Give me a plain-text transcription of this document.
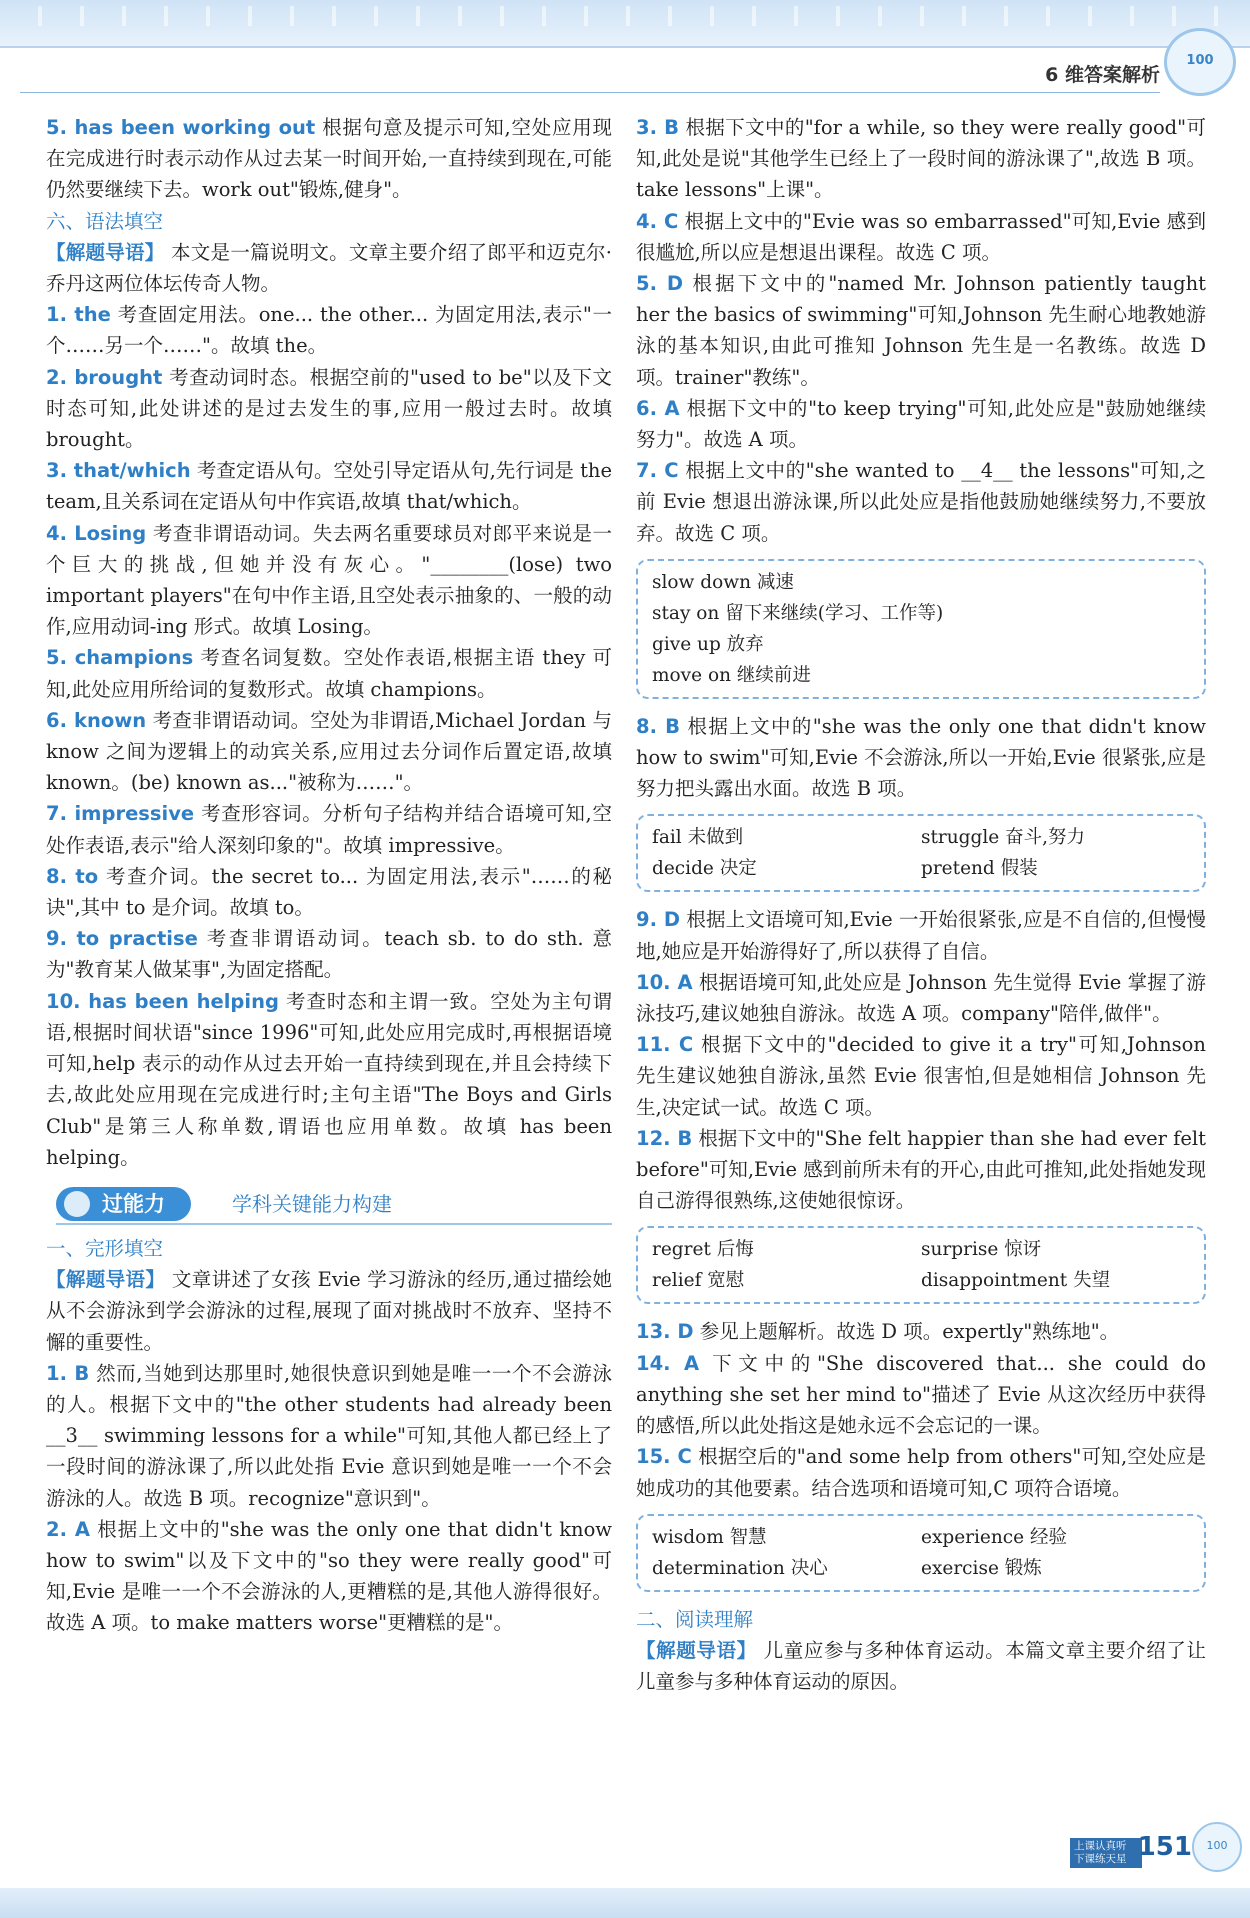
100
6 维答案解析

5. has been working out 根据句意及提示可知,空处应用现在完成进行时表示动作从过去某一时间开始,一直持续到现在,可能仍然要继续下去。work out"锻炼,健身"。

六、语法填空

【解题导语】 本文是一篇说明文。文章主要介绍了郎平和迈克尔·乔丹这两位体坛传奇人物。

1. the 考查固定用法。one... the other... 为固定用法,表示"一个……另一个……"。故填 the。

2. brought 考查动词时态。根据空前的"used to be"以及下文时态可知,此处讲述的是过去发生的事,应用一般过去时。故填 brought。

3. that/which 考查定语从句。空处引导定语从句,先行词是 the team,且关系词在定语从句中作宾语,故填 that/which。

4. Losing 考查非谓语动词。失去两名重要球员对郎平来说是一个巨大的挑战,但她并没有灰心。"________(lose) two important players"在句中作主语,且空处表示抽象的、一般的动作,应用动词-ing 形式。故填 Losing。

5. champions 考查名词复数。空处作表语,根据主语 they 可知,此处应用所给词的复数形式。故填 champions。

6. known 考查非谓语动词。空处为非谓语,Michael Jordan 与 know 之间为逻辑上的动宾关系,应用过去分词作后置定语,故填 known。(be) known as..."被称为……"。

7. impressive 考查形容词。分析句子结构并结合语境可知,空处作表语,表示"给人深刻印象的"。故填 impressive。

8. to 考查介词。the secret to... 为固定用法,表示"……的秘诀",其中 to 是介词。故填 to。

9. to practise 考查非谓语动词。teach sb. to do sth. 意为"教育某人做某事",为固定搭配。

10. has been helping 考查时态和主谓一致。空处为主句谓语,根据时间状语"since 1996"可知,此处应用完成时,再根据语境可知,help 表示的动作从过去开始一直持续到现在,并且会持续下去,故此处应用现在完成进行时;主句主语"The Boys and Girls Club"是第三人称单数,谓语也应用单数。故填 has been helping。

过能力	学科关键能力构建

一、完形填空

【解题导语】 文章讲述了女孩 Evie 学习游泳的经历,通过描绘她从不会游泳到学会游泳的过程,展现了面对挑战时不放弃、坚持不懈的重要性。

1. B 然而,当她到达那里时,她很快意识到她是唯一一个不会游泳的人。根据下文中的"the other students had already been __3__ swimming lessons for a while"可知,其他人都已经上了一段时间的游泳课了,所以此处指 Evie 意识到她是唯一一个不会游泳的人。故选 B 项。recognize"意识到"。

2. A 根据上文中的"she was the only one that didn't know how to swim"以及下文中的"so they were really good"可知,Evie 是唯一一个不会游泳的人,更糟糕的是,其他人游得很好。故选 A 项。to make matters worse"更糟糕的是"。

3. B 根据下文中的"for a while, so they were really good"可知,此处是说"其他学生已经上了一段时间的游泳课了",故选 B 项。take lessons"上课"。

4. C 根据上文中的"Evie was so embarrassed"可知,Evie 感到很尴尬,所以应是想退出课程。故选 C 项。

5. D 根据下文中的"named Mr. Johnson patiently taught her the basics of swimming"可知,Johnson 先生耐心地教她游泳的基本知识,由此可推知 Johnson 先生是一名教练。故选 D 项。trainer"教练"。

6. A 根据下文中的"to keep trying"可知,此处应是"鼓励她继续努力"。故选 A 项。

7. C 根据上文中的"she wanted to __4__ the lessons"可知,之前 Evie 想退出游泳课,所以此处应是指他鼓励她继续努力,不要放弃。故选 C 项。

slow down 减速
stay on 留下来继续(学习、工作等)
give up 放弃
move on 继续前进

8. B 根据上文中的"she was the only one that didn't know how to swim"可知,Evie 不会游泳,所以一开始,Evie 很紧张,应是努力把头露出水面。故选 B 项。

fail 未做到	struggle 奋斗,努力
decide 决定	pretend 假装

9. D 根据上文语境可知,Evie 一开始很紧张,应是不自信的,但慢慢地,她应是开始游得好了,所以获得了自信。

10. A 根据语境可知,此处应是 Johnson 先生觉得 Evie 掌握了游泳技巧,建议她独自游泳。故选 A 项。company"陪伴,做伴"。

11. C 根据下文中的"decided to give it a try"可知,Johnson 先生建议她独自游泳,虽然 Evie 很害怕,但是她相信 Johnson 先生,决定试一试。故选 C 项。

12. B 根据下文中的"She felt happier than she had ever felt before"可知,Evie 感到前所未有的开心,由此可推知,此处指她发现自己游得很熟练,这使她很惊讶。

regret 后悔	surprise 惊讶
relief 宽慰	disappointment 失望

13. D 参见上题解析。故选 D 项。expertly"熟练地"。

14. A 下文中的"She discovered that... she could do anything she set her mind to"描述了 Evie 从这次经历中获得的感悟,所以此处指这是她永远不会忘记的一课。

15. C 根据空后的"and some help from others"可知,空处应是她成功的其他要素。结合选项和语境可知,C 项符合语境。

wisdom 智慧	experience 经验
determination 决心	exercise 锻炼

二、阅读理解

【解题导语】 儿童应参与多种体育运动。本篇文章主要介绍了让儿童参与多种体育运动的原因。

上课认真听 下课练天星 151	100
